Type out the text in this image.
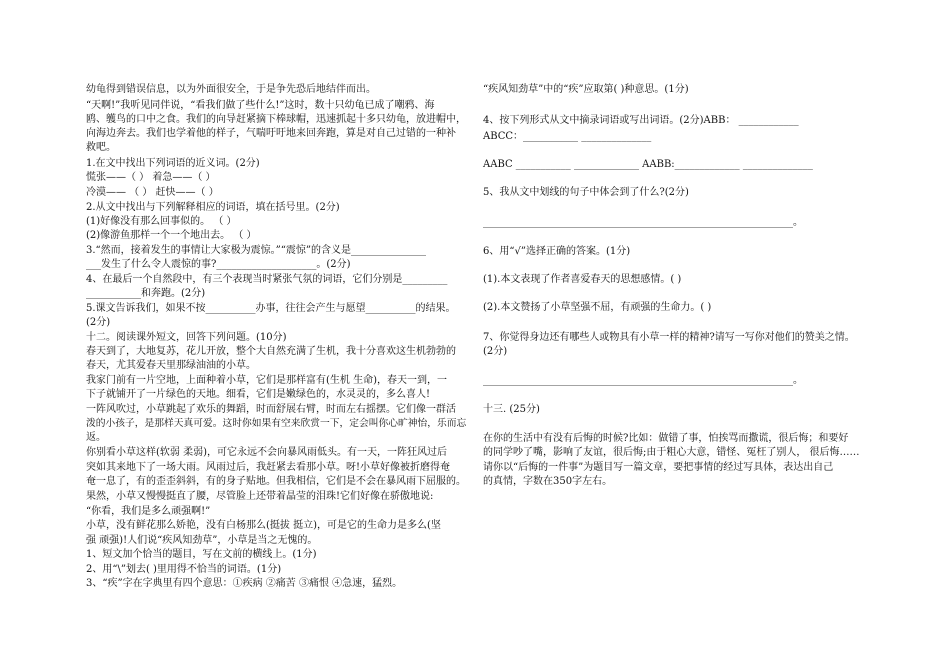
幼龟得到错误信息，以为外面很安全，于是争先恐后地结伴而出。
“天啊!”我听见同伴说，“看我们做了些什么!”这时，数十只幼龟已成了嘲鸦、海
鸥、鹱鸟的口中之食。我们的向导赶紧摘下棒球帽，迅速抓起十多只幼龟，放进帽中，
向海边奔去。我们也学着他的样子，气喘吁吁地来回奔跑，算是对自己过错的一种补
救吧。
1.在文中找出下列词语的近义词。(2分)
慌张——（ ） 着急——（ ）
冷漠—— （ ） 赶快——（ ）
2.从文中找出与下列解释相应的词语，填在括号里。(2分)
(1)好像没有那么回事似的。 （ ）
(2)像游鱼那样一个一个地出去。 （ ）
3.“然而，接着发生的事情让大家极为震惊。”“震惊”的含义是_______________
___发生了什么令人震惊的事?____________________。(2分)
4、在最后一个自然段中，有三个表现当时紧张气氛的词语，它们分别是_________
___________和奔跑。(2分)
5.课文告诉我们，如果不按__________办事，往往会产生与愿望__________的结果。
(2分)
十二。阅读课外短文，回答下列问题。(10分)
春天到了，大地复苏，花儿开放，整个大自然充满了生机，我十分喜欢这生机勃勃的
春天，尤其爱春天里那绿油油的小草。
我家门前有一片空地，上面种着小草，它们是那样富有(生机 生命)，春天一到，一
下子就铺开了一片绿色的天地。细看，它们是嫩绿色的，水灵灵的，多么喜人!
一阵风吹过，小草跳起了欢乐的舞蹈，时而舒展右臂，时而左右摇摆。它们像一群活
泼的小孩子，是那样天真可爱。这时你如果有空来欣赏一下，定会叫你心旷神怡，乐而忘
返。
你别看小草这样(软弱 柔弱)，可它永远不会向暴风雨低头。有一天，一阵狂风过后
突如其来地下了一场大雨。风雨过后，我赶紧去看那小草。呀!小草好像被折磨得奄
奄一息了，有的歪歪斜斜，有的身子贴地。但我相信，它们是不会在暴风雨下屈服的。
果然，小草又慢慢挺直了腰，尽管脸上还带着晶莹的泪珠!它们好像在骄傲地说:
“你看，我们是多么顽强啊!”
小草，没有鲜花那么娇艳，没有白杨那么(挺拔 挺立)，可是它的生命力是多么(坚
强 顽强)!人们说“疾风知劲草”，小草是当之无愧的。
1、短文加个恰当的题目，写在文前的横线上。(1分)
2、用“\”划去( )里用得不恰当的词语。(1分)
3、“疾”字在字典里有四个意思：①疾病 ②痛苦 ③痛恨 ④急速，猛烈。
“疾风知劲草”中的“疾”应取第( )种意思。(1分)
4、按下列形式从文中摘录词语或写出词语。(2分)ABB： ____________
ABCC：___________ ______________
AABC ___________ _____________ AABB:_____________ ______________
5、我从文中划线的句子中体会到了什么?(2分)
______________________________________________________________。
6、用“√”选择正确的答案。(1分)
(1).本文表现了作者喜爱春天的思想感情。( )
(2).本文赞扬了小草坚强不屈，有顽强的生命力。( )
7、你觉得身边还有哪些人或物具有小草一样的精神?请写一写你对他们的赞美之情。
(2分)
______________________________________________________________。
十三. (25分)
在你的生活中有没有后悔的时候?比如：做错了事，怕挨骂而撒谎，很后悔；和要好
的同学吵了嘴，影响了友谊，很后悔;由于粗心大意，错怪、冤枉了别人， 很后悔……
请你以“后悔的一件事”为题目写一篇文章，要把事情的经过写具体，表达出自己
的真情，字数在350字左右。
